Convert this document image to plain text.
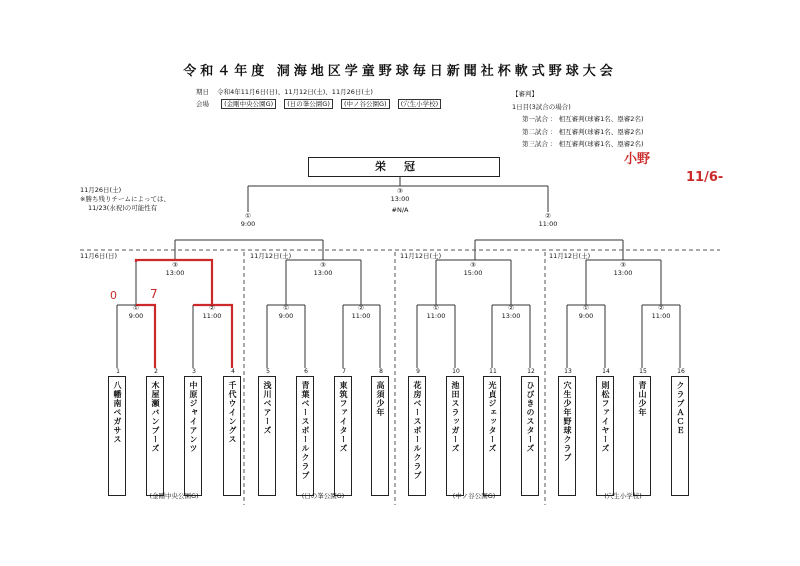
令和４年度 洞海地区学童野球毎日新聞社杯軟式野球大会
期日 令和4年11月6日(日)、11月12日(土)、11月26日(土)
会場 (金剛中央公園G) (日の峯公園G) (中ノ谷公園G) (穴生小学校)
【審判】
1日目(3試合の場合)
第一試合 ： 相互審判(球審1名、塁審2名)
第二試合 ： 相互審判(球審1名、塁審2名)
第三試合 ： 相互審判(球審1名、塁審2名)
栄冠
11月26日(土)
※勝ち残りチームによっては、
11/23(水祝)の可能性有
③
13:00
#N/A
①
9:00
②
11:00
11月6日(日)	11月12日(土)	11月12日(土)	11月12日(土)
③
13:00
①
9:00
②
11:00
③
13:00
①
9:00
②
11:00
③
15:00
①
11:00
②
13:00
③
13:00
①
9:00
②
11:00
1
八幡南ペガサス
2
木屋瀬バンブーズ
3
中原ジャイアンツ
4
千代ウイングス
5
浅川ベアーズ
6
青葉ベースボールクラブ
7
東筑ファイターズ
8
高須少年
9
花房ベースボールクラブ
10
池田スラッガーズ
11
光貞ジェッターズ
12
ひびきのスターズ
13
穴生少年野球クラブ
14
則松ファイヤーズ
15
青山少年
16
クラブＡＣＥ
(金剛中央公園G)	(日の峯公園G)	(中ノ谷公園G)	(穴生小学校)
0	7
小野
11/6-
